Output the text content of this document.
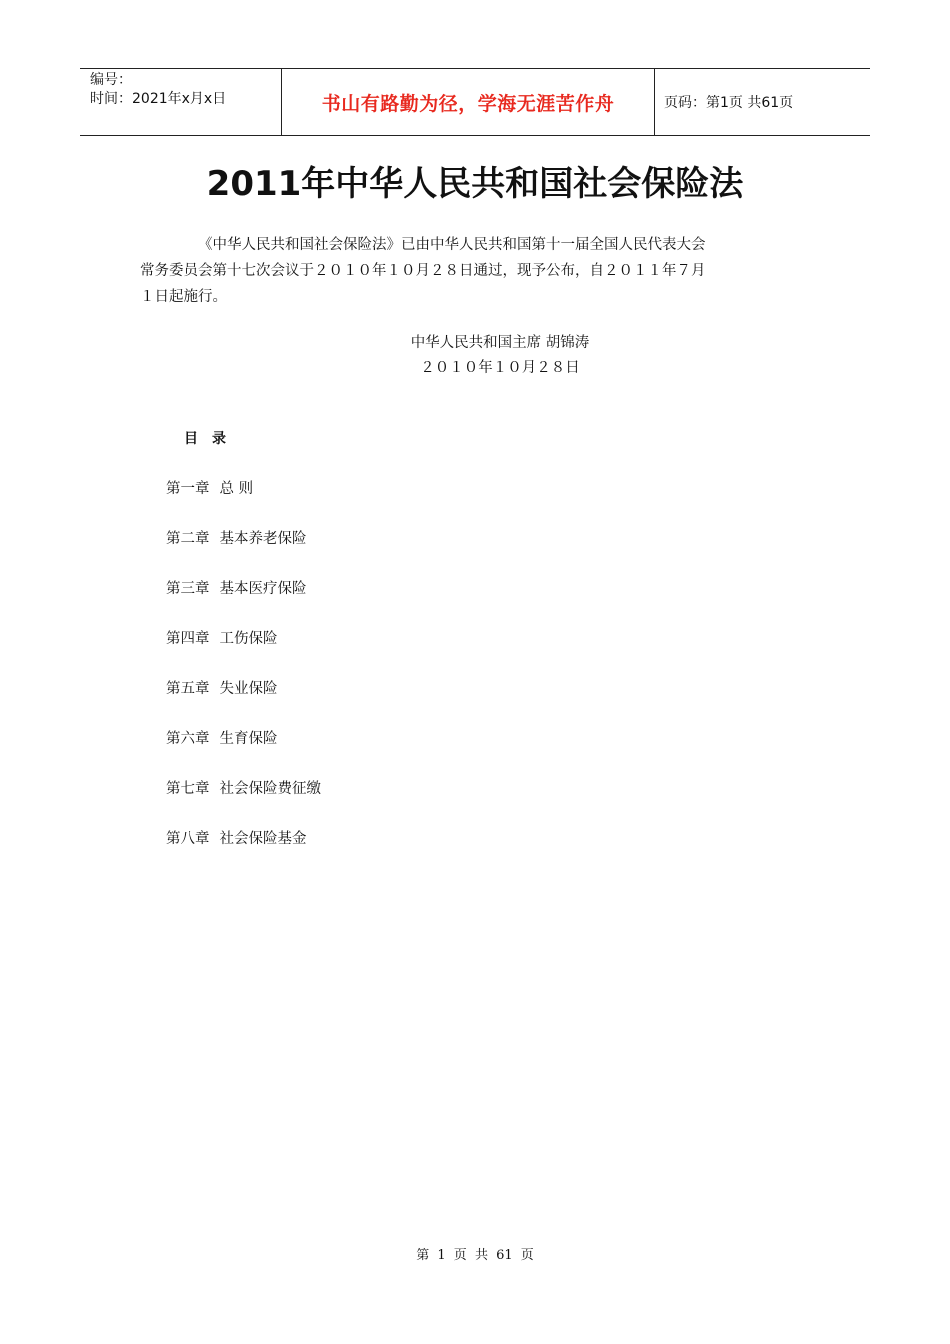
编号：
时间：2021年x月x日	书山有路勤为径，学海无涯苦作舟	页码：第1页 共61页
2011年中华人民共和国社会保险法

《中华人民共和国社会保险法》已由中华人民共和国第十一届全国人民代表大会
常务委员会第十七次会议于２０１０年１０月２８日通过，现予公布，自２０１１年７月
１日起施行。

中华人民共和国主席 胡锦涛
２０１０年１０月２８日
目录
第一章 总 则
第二章 基本养老保险
第三章 基本医疗保险
第四章 工伤保险
第五章 失业保险
第六章 生育保险
第七章 社会保险费征缴
第八章 社会保险基金
第 1 页 共 61 页
